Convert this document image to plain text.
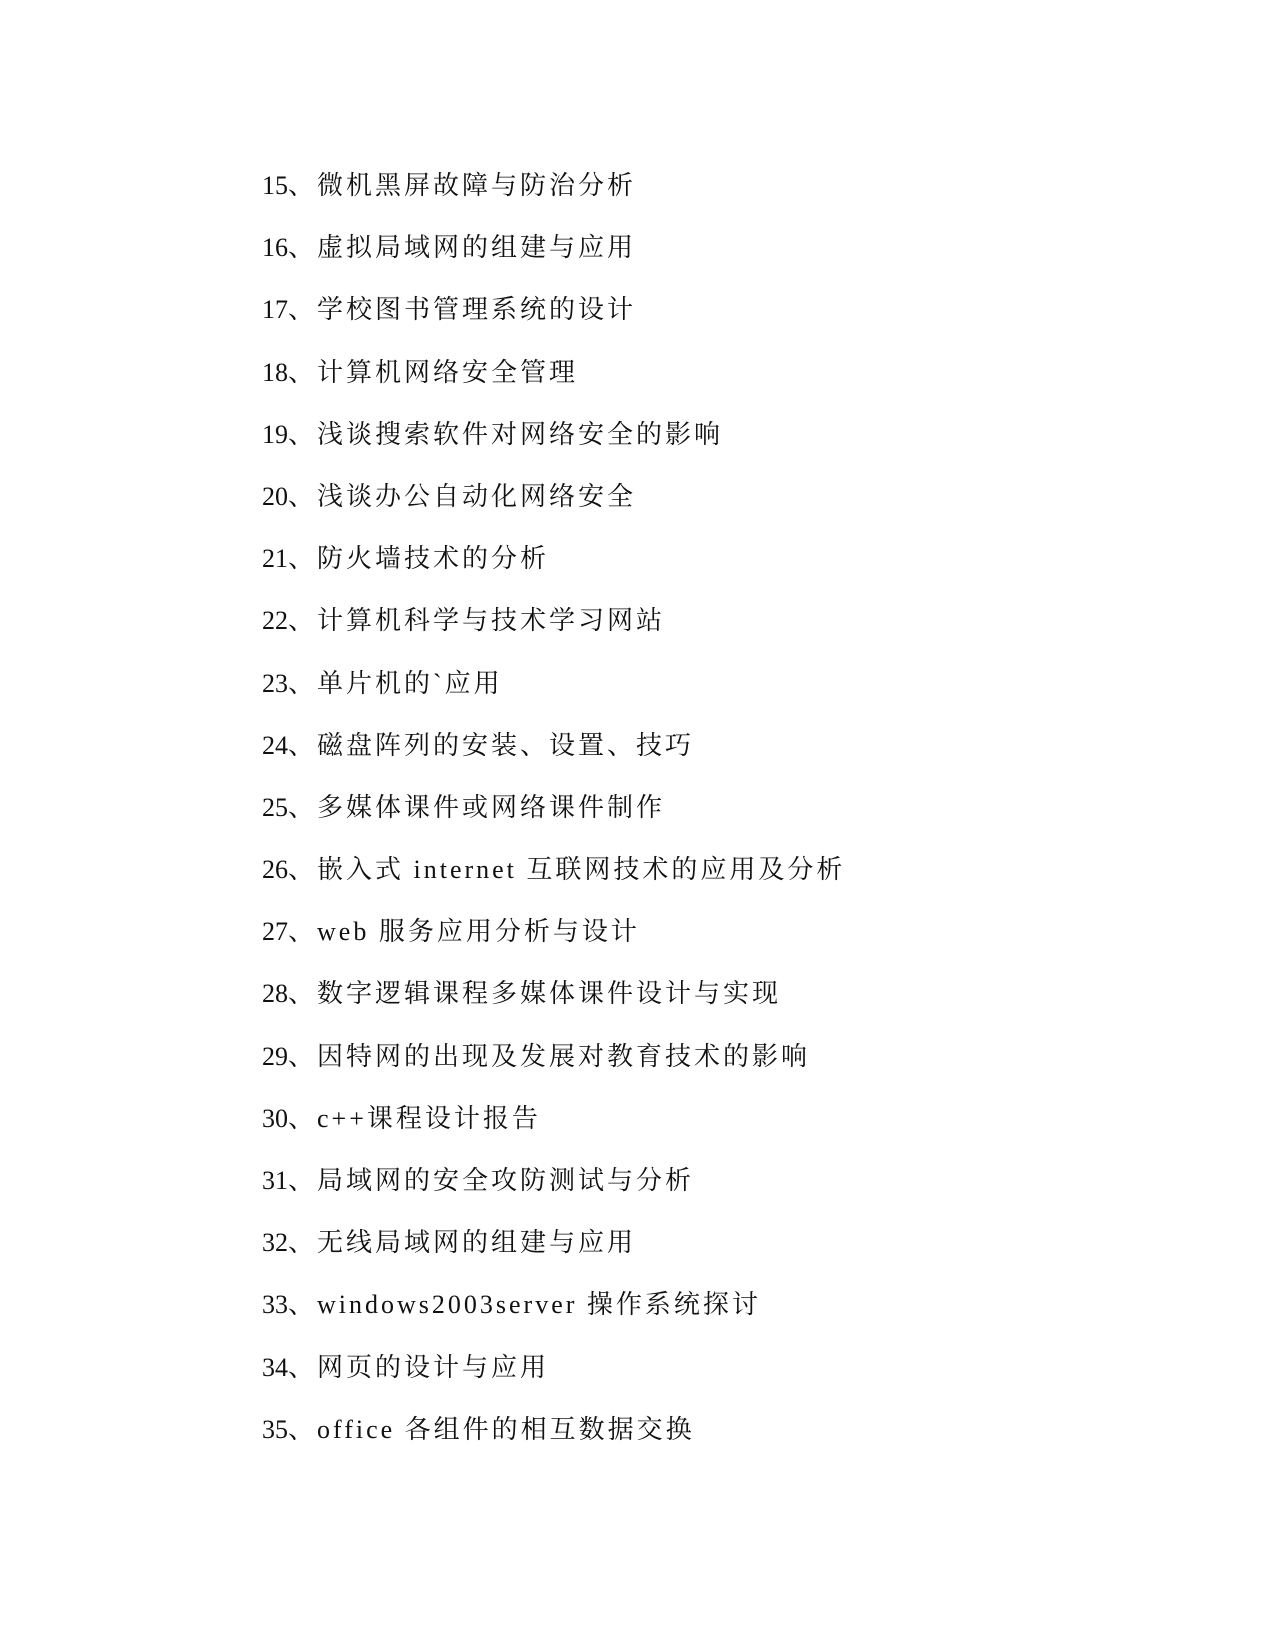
15、微机黑屏故障与防治分析
16、虚拟局域网的组建与应用
17、学校图书管理系统的设计
18、计算机网络安全管理
19、浅谈搜索软件对网络安全的影响
20、浅谈办公自动化网络安全
21、防火墙技术的分析
22、计算机科学与技术学习网站
23、单片机的`应用
24、磁盘阵列的安装、设置、技巧
25、多媒体课件或网络课件制作
26、嵌入式 internet 互联网技术的应用及分析
27、web 服务应用分析与设计
28、数字逻辑课程多媒体课件设计与实现
29、因特网的出现及发展对教育技术的影响
30、c++课程设计报告
31、局域网的安全攻防测试与分析
32、无线局域网的组建与应用
33、windows2003server 操作系统探讨
34、网页的设计与应用
35、office 各组件的相互数据交换
